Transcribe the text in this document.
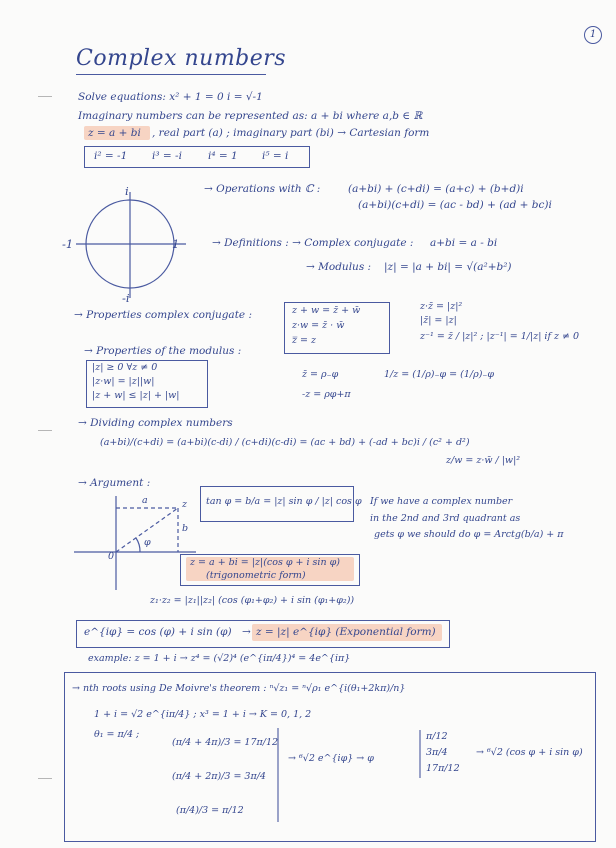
1
Complex numbers
Solve equations: x² + 1 = 0 i = √-1
Imaginary numbers can be represented as: a + bi where a,b ∈ ℝ
z = a + bi , real part (a) ; imaginary part (bi) → Cartesian form
i² = -1 i³ = -i i⁴ = 1 i⁵ = i
i
-i
-1	1
→ Operations with ℂ :	(a+bi) + (c+di) = (a+c) + (b+d)i
(a+bi)(c+di) = (ac - bd) + (ad + bc)i
→ Definitions : → Complex conjugate : a+bi = a - bi
→ Modulus : |z| = |a + bi| = √(a²+b²)
→ Properties complex conjugate :	z + w = z̄ + w̄
z·w = z̄ · w̄
z̿ = z
z·z̄ = |z|²
|z̄| = |z|
z⁻¹ = z̄ / |z|² ; |z⁻¹| = 1/|z| if z ≠ 0
→ Properties of the modulus :
|z| ≥ 0 ∀z ≠ 0
|z·w| = |z||w|
|z + w| ≤ |z| + |w|
z̄ = ρ₋φ	1/z = (1/ρ)₋φ = (1/ρ)₋φ
-z = ρφ+π
→ Dividing complex numbers
(a+bi)/(c+di) = (a+bi)(c-di) / (c+di)(c-di) = (ac + bd) + (-ad + bc)i / (c² + d²)
z/w = z·w̄ / |w|²
→ Argument :
tan φ = b/a = |z| sin φ / |z| cos φ If we have a complex number
in the 2nd and 3rd quadrant as
gets φ we should do φ = Arctg(b/a) + π
a	z
b
0
φ
z = a + bi = |z|(cos φ + i sin φ)
(trigonometric form)
z₁·z₂ = |z₁||z₂| (cos (φ₁+φ₂) + i sin (φ₁+φ₂))
e^{iφ} = cos (φ) + i sin (φ) → z = |z| e^{iφ} (Exponential form)
example: z = 1 + i → z⁴ = (√2)⁴ (e^{iπ/4})⁴ = 4e^{iπ}
→ nth roots using De Moivre's theorem : ⁿ√z₁ = ⁿ√ρ₁ e^{i(θ₁+2kπ)/n}
1 + i = √2 e^{iπ/4} ; x³ = 1 + i → K = 0, 1, 2
θ₁ = π/4 ;
(π/4 + 4π)/3 = 17π/12
(π/4 + 2π)/3 = 3π/4
(π/4)/3 = π/12
→ ⁶√2 e^{iφ} → φ
π/12
3π/4
17π/12
→ ⁶√2 (cos φ + i sin φ)
